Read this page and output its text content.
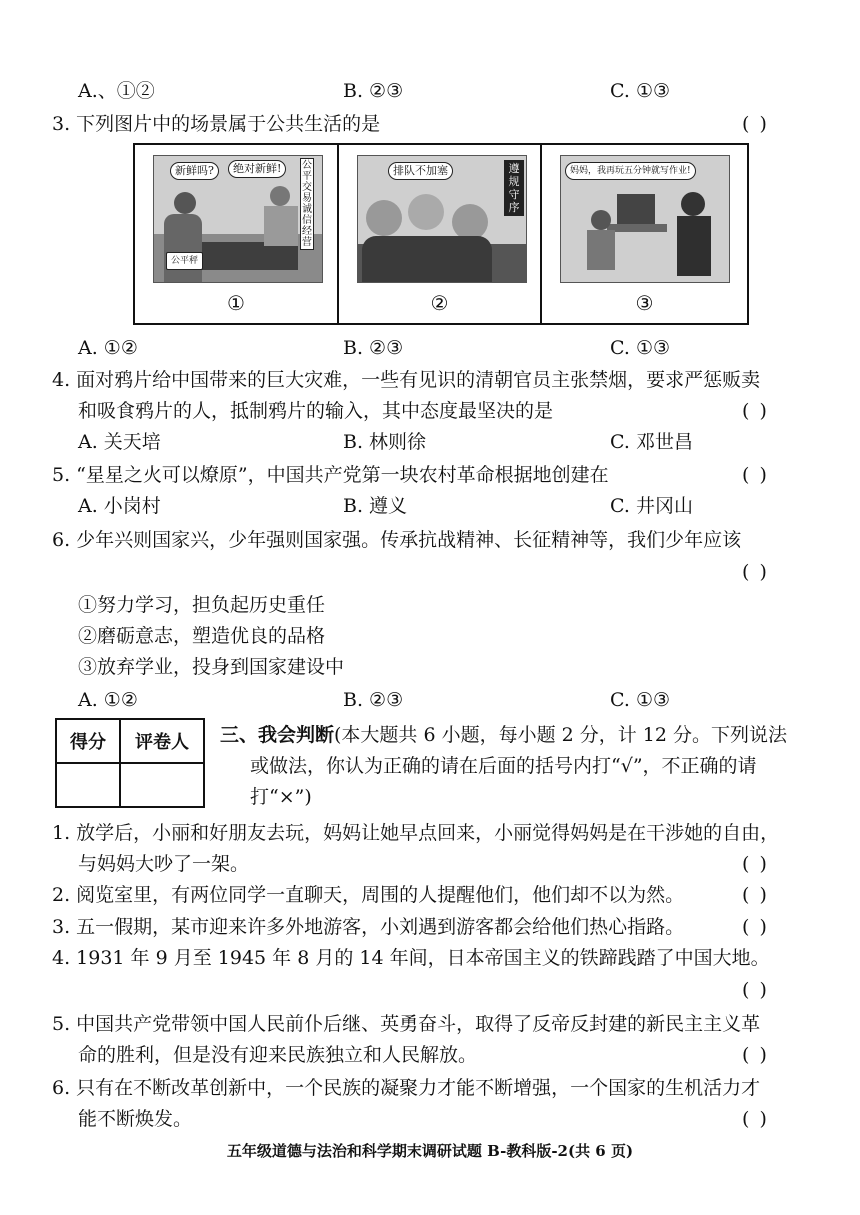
A.、①②	B. ②③	C. ①③
3. 下列图片中的场景属于公共生活的是	( )
新鲜吗?	绝对新鲜!	公平交易 诚信经营
公平秤
①
排队不加塞	遵规守序
②
妈妈，我再玩五分钟就写作业!
③
A. ①②	B. ②③	C. ①③
4. 面对鸦片给中国带来的巨大灾难，一些有见识的清朝官员主张禁烟，要求严惩贩卖
和吸食鸦片的人，抵制鸦片的输入，其中态度最坚决的是	( )
A. 关天培	B. 林则徐	C. 邓世昌
5. “星星之火可以燎原”，中国共产党第一块农村革命根据地创建在	( )
A. 小岗村	B. 遵义	C. 井冈山
6. 少年兴则国家兴，少年强则国家强。传承抗战精神、长征精神等，我们少年应该
( )
①努力学习，担负起历史重任
②磨砺意志，塑造优良的品格
③放弃学业，投身到国家建设中
A. ①②	B. ②③	C. ①③
得分	评卷人
	三、我会判断(本大题共 6 小题，每小题 2 分，计 12 分。下列说法
或做法，你认为正确的请在后面的括号内打“√”，不正确的请
打“×”)
1. 放学后，小丽和好朋友去玩，妈妈让她早点回来，小丽觉得妈妈是在干涉她的自由，
与妈妈大吵了一架。	( )
2. 阅览室里，有两位同学一直聊天，周围的人提醒他们，他们却不以为然。	( )
3. 五一假期，某市迎来许多外地游客，小刘遇到游客都会给他们热心指路。	( )
4. 1931 年 9 月至 1945 年 8 月的 14 年间，日本帝国主义的铁蹄践踏了中国大地。
( )
5. 中国共产党带领中国人民前仆后继、英勇奋斗，取得了反帝反封建的新民主主义革
命的胜利，但是没有迎来民族独立和人民解放。	( )
6. 只有在不断改革创新中，一个民族的凝聚力才能不断增强，一个国家的生机活力才
能不断焕发。	( )
五年级道德与法治和科学期末调研试题 B-教科版-2(共 6 页)
